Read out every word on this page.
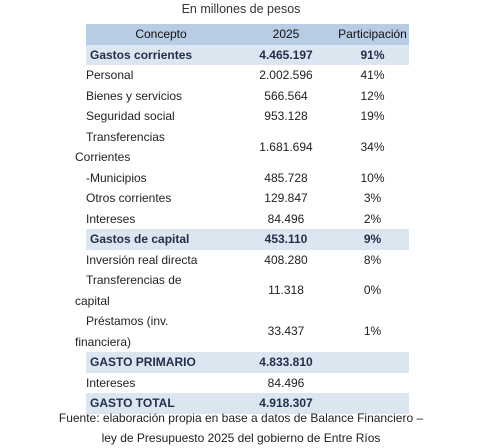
En millones de pesos
Concepto	2025	Participación
Gastos corrientes	4.465.197	91%
Personal	2.002.596	41%
Bienes y servicios	566.564	12%
Seguridad social	953.128	19%

Transferencias
Corrientes	1.681.694	34%
-Municipios	485.728	10%
Otros corrientes	129.847	3%
Intereses	84.496	2%
Gastos de capital	453.110	9%
Inversión real directa	408.280	8%

Transferencias de
capital	11.318	0%

Préstamos (inv.
financiera)	33.437	1%
GASTO PRIMARIO	4.833.810	
Intereses	84.496	
GASTO TOTAL	4.918.307	
Fuente: elaboración propia en base a datos de Balance Financiero –
ley de Presupuesto 2025 del gobierno de Entre Ríos
